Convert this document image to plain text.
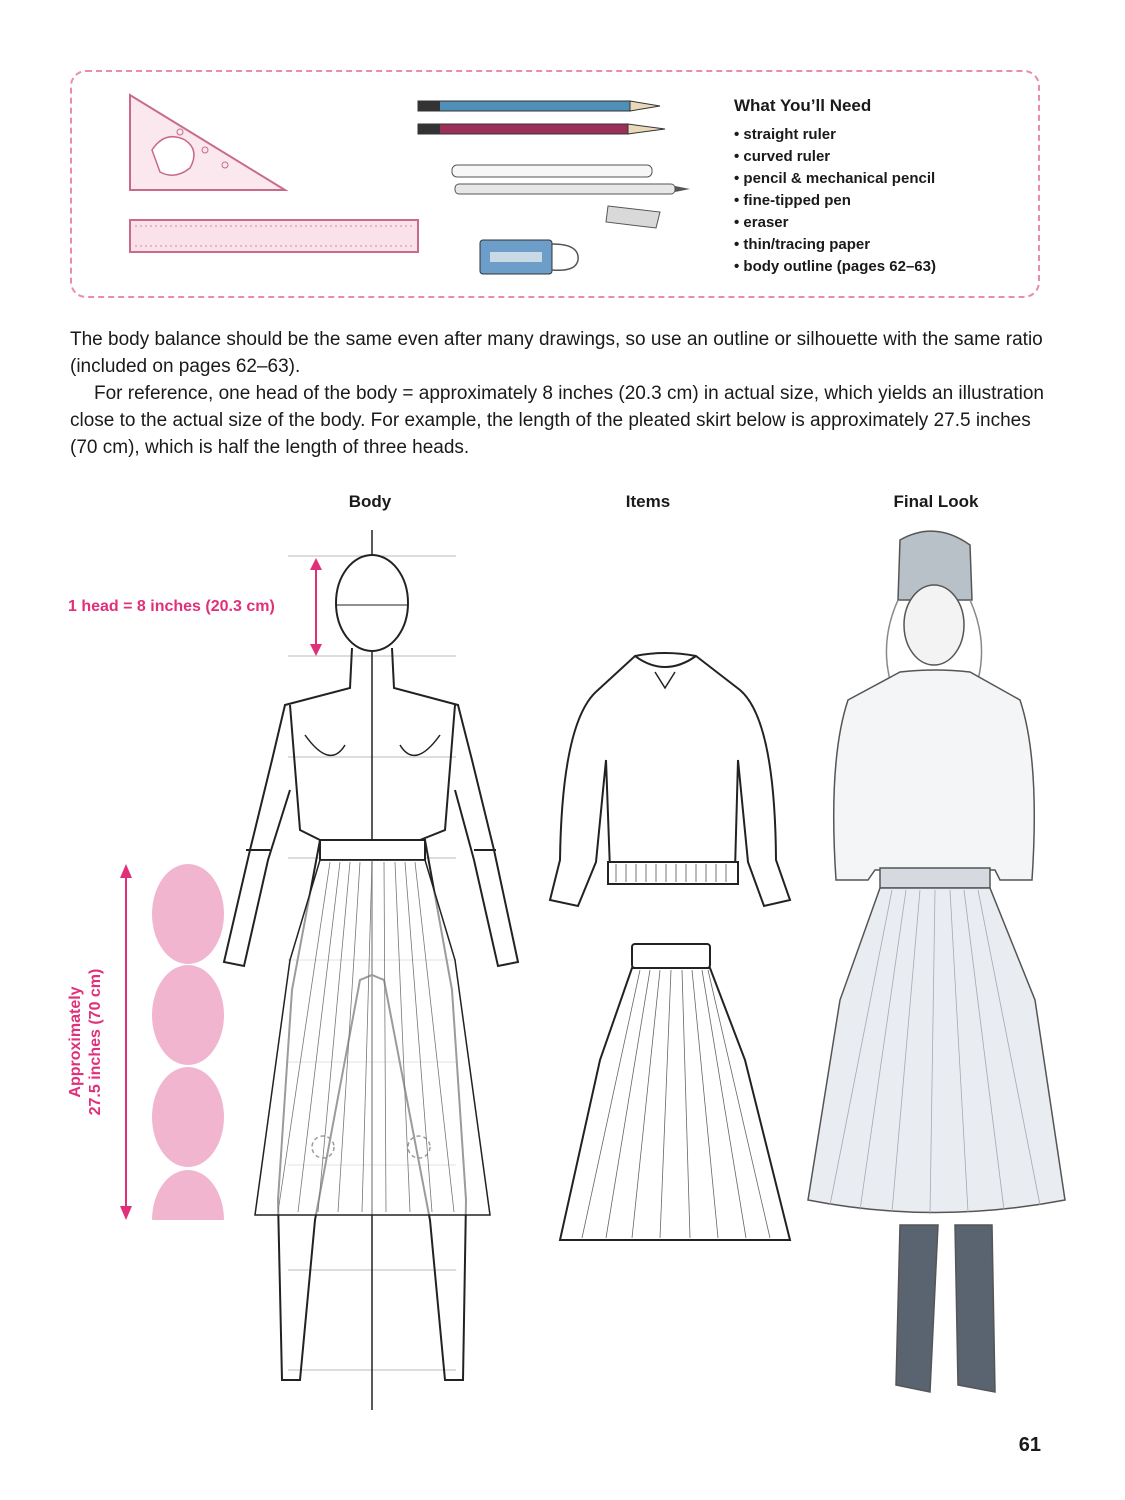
What You’ll Need
• straight ruler
• curved ruler
• pencil & mechanical pencil
• fine-tipped pen
• eraser
• thin/tracing paper
• body outline (pages 62–63)

The body balance should be the same even after many drawings, so use an outline or silhouette with the same ratio (included on pages 62–63).

For reference, one head of the body = approximately 8 inches (20.3 cm) in actual size, which yields an illustration close to the actual size of the body. For example, the length of the pleated skirt below is approximately 27.5 inches (70 cm), which is half the length of three heads.

Body	Items	Final Look
1 head = 8 inches (20.3 cm)
Approximately 27.5 inches (70 cm)
61
